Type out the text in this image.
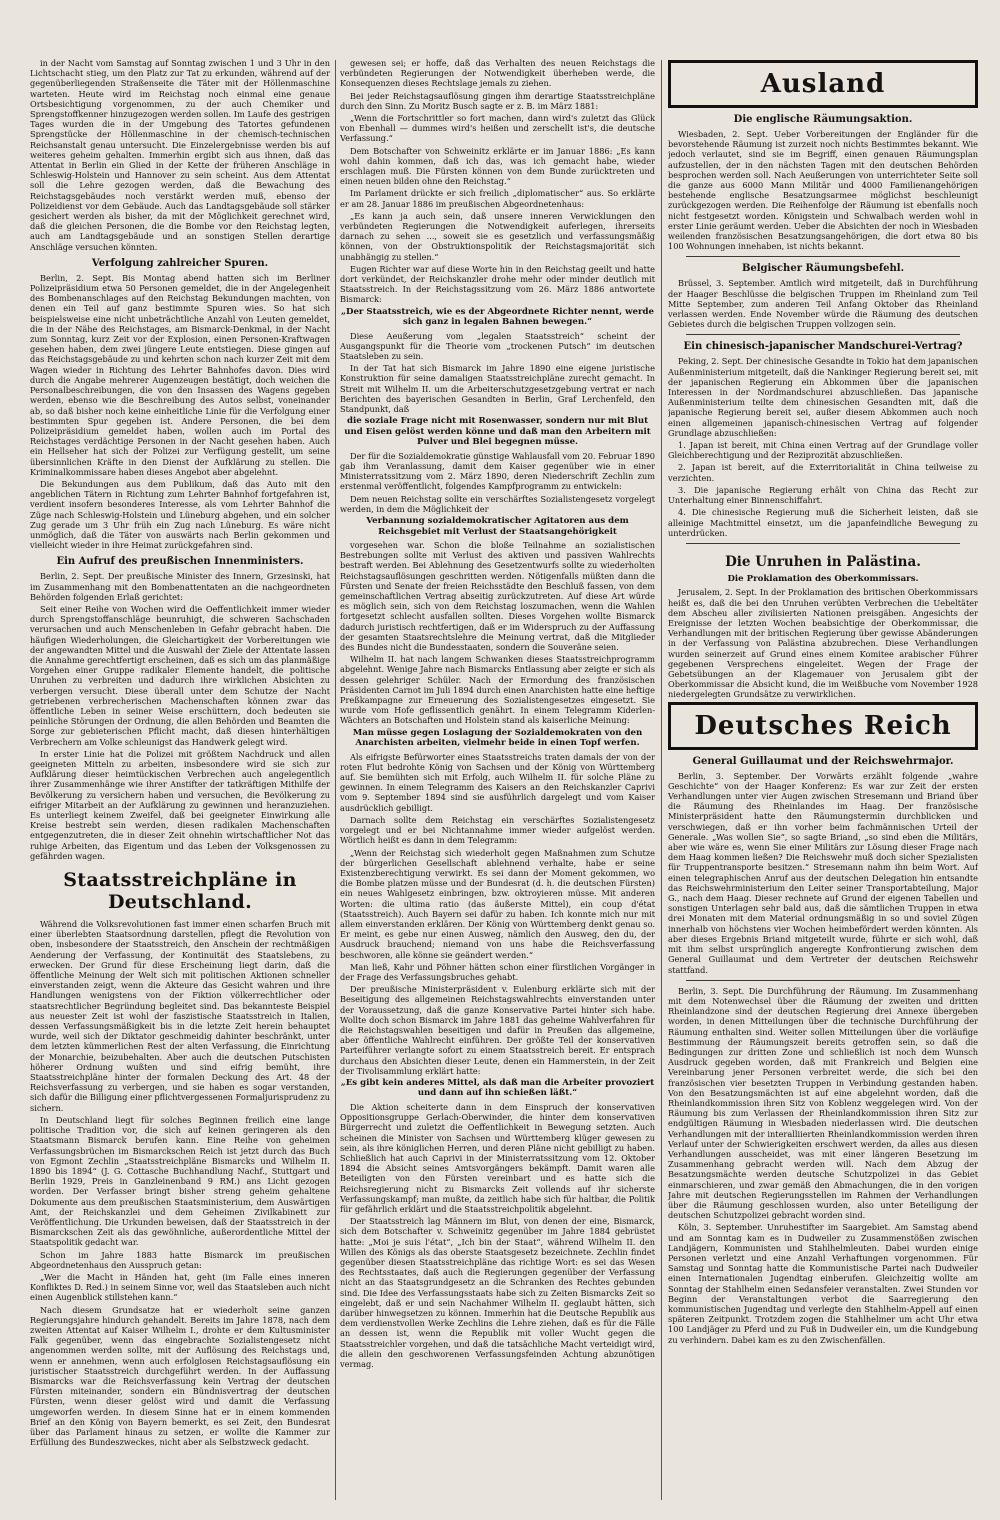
in der Nacht vom Samstag auf Sonntag zwischen 1 und 3 Uhr in den Lichtschacht stieg, um den Platz zur Tat zu erkunden, während auf der gegenüberliegenden Straßenseite die Täter mit der Höllenmaschine warteten. Heute wird im Reichstag noch einmal eine genaue Ortsbesichtigung vorgenommen, zu der auch Chemiker und Sprengstoffkenner hinzugezogen werden sollen. Im Laufe des gestrigen Tages wurden die in der Umgebung des Tatortes gefundenen Sprengstücke der Höllenmaschine in der chemisch-technischen Reichsanstalt genau untersucht. Die Einzelergebnisse werden bis auf weiteres geheim gehalten. Immerhin ergibt sich aus ihnen, daß das Attentat in Berlin ein Glied in der Kette der früheren Anschläge in Schleswig-Holstein und Hannover zu sein scheint. Aus dem Attentat soll die Lehre gezogen werden, daß die Bewachung des Reichstagsgebäudes noch verstärkt werden muß, ebenso der Polizeidienst vor dem Gebäude. Auch das Landtagsgebäude soll stärker gesichert werden als bisher, da mit der Möglichkeit gerechnet wird, daß die gleichen Personen, die die Bombe vor den Reichstag legten, auch am Landtagsgebäude und an sonstigen Stellen derartige Anschläge versuchen könnten.

Verfolgung zahlreicher Spuren.

Berlin, 2. Sept. Bis Montag abend hatten sich im Berliner Polizeipräsidium etwa 50 Personen gemeldet, die in der Angelegenheit des Bombenanschlages auf den Reichstag Bekundungen machten, von denen ein Teil auf ganz bestimmte Spuren wies. So hat sich beispielsweise eine nicht unbeträchtliche Anzahl von Leuten gemeldet, die in der Nähe des Reichstages, am Bismarck-Denkmal, in der Nacht zum Sonntag, kurz Zeit vor der Explosion, einen Personen-Kraftwagen gesehen haben, dem zwei jüngere Leute entstiegen. Diese gingen auf das Reichstagsgebäude zu und kehrten schon nach kurzer Zeit mit dem Wagen wieder in Richtung des Lehrter Bahnhofes davon. Dies wird durch die Angabe mehrerer Augenzeugen bestätigt, doch weichen die Personalbeschreibungen, die von den Insassen des Wagens gegeben werden, ebenso wie die Beschreibung des Autos selbst, voneinander ab, so daß bisher noch keine einheitliche Linie für die Verfolgung einer bestimmten Spur gegeben ist. Andere Personen, die bei dem Polizeipräsidium gemeldet haben, wollen auch im Portal des Reichstages verdächtige Personen in der Nacht gesehen haben. Auch ein Hellseher hat sich der Polizei zur Verfügung gestellt, um seine übersinnlichen Kräfte in den Dienst der Aufklärung zu stellen. Die Kriminalkommissare haben dieses Angebot aber abgelehnt.

Die Bekundungen aus dem Publikum, daß das Auto mit den angeblichen Tätern in Richtung zum Lehrter Bahnhof fortgefahren ist, verdient insofern besonderes Interesse, als vom Lehrter Bahnhof die Züge nach Schleswig-Holstein und Lüneburg abgehen, und ein solcher Zug gerade um 3 Uhr früh ein Zug nach Lüneburg. Es wäre nicht unmöglich, daß die Täter von auswärts nach Berlin gekommen und vielleicht wieder in ihre Heimat zurückgefahren sind.

Ein Aufruf des preußischen Innenministers.

Berlin, 2. Sept. Der preußische Minister des Innern, Grzesinski, hat im Zusammenhang mit den Bombenattentaten an die nachgeordneten Behörden folgenden Erlaß gerichtet:

Seit einer Reihe von Wochen wird die Oeffentlichkeit immer wieder durch Sprengstoffanschläge beunruhigt, die schweren Sachschaden verursachen und auch Menschenleben in Gefahr gebracht haben. Die häufigen Wiederholungen, die Gleichartigkeit der Vorbereitungen wie der angewandten Mittel und die Auswahl der Ziele der Attentate lassen die Annahme gerechtfertigt erscheinen, daß es sich um das planmäßige Vorgehen einer Gruppe radikaler Elemente handelt, die politische Unruhen zu verbreiten und dadurch ihre wirklichen Absichten zu verbergen versucht. Diese überall unter dem Schutze der Nacht getriebenen verbrecherischen Machenschaften können zwar das öffentliche Leben in seiner Weise erschüttern, doch bedeuten sie peinliche Störungen der Ordnung, die allen Behörden und Beamten die Sorge zur gebieterischen Pflicht macht, daß diesen hinterhältigen Verbrechern am Volke schleunigst das Handwerk gelegt wird.

In erster Linie hat die Polizei mit größtem Nachdruck und allen geeigneten Mitteln zu arbeiten, insbesondere wird sie sich zur Aufklärung dieser heimtückischen Verbrechen auch angelegentlich ihrer Zusammenhänge wie ihrer Anstifter der tatkräftigen Mithilfe der Bevölkerung zu versichern haben und versuchen, die Bevölkerung zu eifriger Mitarbeit an der Aufklärung zu gewinnen und heranzuziehen. Es unterliegt keinem Zweifel, daß bei geeigneter Einwirkung alle Kreise bestrebt sein werden, diesen radikalen Machenschaften entgegenzutreten, die in dieser Zeit ohnehin wirtschaftlicher Not das ruhige Arbeiten, das Eigentum und das Leben der Volksgenossen zu gefährden wagen.

Staatsstreichpläne in Deutschland.

Während die Volksrevolutionen fast immer einen scharfen Bruch mit einer überlebten Staatsordnung darstellen, pflegt die Revolution von oben, insbesondere der Staatsstreich, den Anschein der rechtmäßigen Aenderung der Verfassung, der Kontinuität des Staatslebens, zu erwecken. Der Grund für diese Erscheinung liegt darin, daß die öffentliche Meinung der Welt sich mit politischen Aktionen schneller einverstanden zeigt, wenn die Akteure das Gesicht wahren und ihre Handlungen wenigstens von der Fiktion völkerrechtlicher oder staatsrechtlicher Begründung begleitet sind. Das bekannteste Beispiel aus neuester Zeit ist wohl der faszistische Staatsstreich in Italien, dessen Verfassungsmäßigkeit bis in die letzte Zeit herein behauptet wurde, weil sich der Diktator geschmeidig dahinter beschränkt, unter dem letzten kümmerlichen Rest der alten Verfassung, die Einrichtung der Monarchie, beizubehalten. Aber auch die deutschen Putschisten höherer Ordnung wußten und sind eifrig bemüht, ihre Staatsstreichpläne hinter der formalen Deckung des Art. 48 der Reichsverfassung zu verbergen, und sie haben es sogar verstanden, sich dafür die Billigung einer pflichtvergessenen Formaljurisprudenz zu sichern.

In Deutschland liegt für solches Beginnen freilich eine lange politische Tradition vor, die sich auf keinen geringeren als den Staatsmann Bismarck berufen kann. Eine Reihe von geheimen Verfassungsbrüchen im Bismarckschen Reich ist jetzt durch das Buch von Egmont Zechlin „Staatsstreichpläne Bismarcks und Wilhelm II. 1890 bis 1894“ (J. G. Cottasche Buchhandlung Nachf., Stuttgart und Berlin 1929, Preis in Ganzleinenband 9 RM.) ans Licht gezogen worden. Der Verfasser bringt bisher streng geheim gehaltene Dokumente aus dem preußischen Staatsministerium, dem Auswärtigen Amt, der Reichskanzlei und dem Geheimen Zivilkabinett zur Veröffentlichung. Die Urkunden beweisen, daß der Staatsstreich in der Bismarckschen Zeit als das gewöhnliche, außerordentliche Mittel der Staatspolitik gedacht war.

Schon im Jahre 1883 hatte Bismarck im preußischen Abgeordnetenhaus den Ausspruch getan:

„Wer die Macht in Händen hat, geht (im Falle eines inneren Konfliktes D. Red.) in seinem Sinne vor, weil das Staatsleben auch nicht einen Augenblick stillstehen kann.“

Nach diesem Grundsatze hat er wiederholt seine ganzen Regierungsjahre hindurch gehandelt. Bereits im Jahre 1878, nach dem zweiten Attentat auf Kaiser Wilhelm I., drohte er dem Kultusminister Falk gegenüber, wenn das eingebrachte Sozialistengesetz nicht angenommen werden sollte, mit der Auflösung des Reichstags und, wenn er annehmen, wenn auch erfolglosen Reichstagsauflösung ein juristischer Staatsstreich durchgeführt werden. In der Auffassung Bismarcks war die Reichsverfassung kein Vertrag der deutschen Fürsten miteinander, sondern ein Bündnisvertrag der deutschen Fürsten, wenn dieser gelöst wird und damit die Verfassung umgeworfen werden. In diesem Sinne hat er in einem kommenden Brief an den König von Bayern bemerkt, es sei Zeit, den Bundesrat über das Parlament hinaus zu setzen, er wollte die Kammer zur Erfüllung des Bundeszweckes, nicht aber als Selbstzweck gedacht.

gewesen sei; er hoffe, daß das Verhalten des neuen Reichstags die verbündeten Regierungen der Notwendigkeit überheben werde, die Konsequenzen dieses Rechtslage jemals zu ziehen.

Bei jeder Reichstagsauflösung gingen ihm derartige Staatsstreichpläne durch den Sinn. Zu Moritz Busch sagte er z. B. im März 1881:

„Wenn die Fortschrittler so fort machen, dann wird's zuletzt das Glück von Ebenhall — dummes wird's heißen und zerschellt ist's, die deutsche Verfassung.“

Dem Botschafter von Schweinitz erklärte er im Januar 1886: „Es kann wohl dahin kommen, daß ich das, was ich gemacht habe, wieder erschlagen muß. Die Fürsten können von dem Bunde zurücktreten und einen neuen bilden ohne den Reichstag.“

Im Parlament drückte er sich freilich „diplomatischer“ aus. So erklärte er am 28. Januar 1886 im preußischen Abgeordnetenhaus:

„Es kann ja auch sein, daß unsere inneren Verwicklungen den verbündeten Regierungen die Notwendigkeit auferlegen, ihrerseits darnach zu sehen ..., soweit sie es gesetzlich und verfassungsmäßig können, von der Obstruktionspolitik der Reichstagsmajorität sich unabhängig zu stellen.“

Eugen Richter war auf diese Worte hin in den Reichstag geeilt und hatte dort verkündet, der Reichskanzler drohe mehr oder minder deutlich mit Staatsstreich. In der Reichstagssitzung vom 26. März 1886 antwortete Bismarck:

„Der Staatsstreich, wie es der Abgeordnete Richter nennt, werde sich ganz in legalen Bahnen bewegen.“

Diese Aeußerung vom „legalen Staatsstreich“ scheint der Ausgangspunkt für die Theorie vom „trockenen Putsch“ im deutschen Staatsleben zu sein.

In der Tat hat sich Bismarck im Jahre 1890 eine eigene juristische Konstruktion für seine damaligen Staatsstreichpläne zurecht gemacht. In Streit mit Wilhelm II. um die Arbeiterschutzgesetzgebung vertrat er nach Berichten des bayerischen Gesandten in Berlin, Graf Lerchenfeld, den Standpunkt, daß

die soziale Frage nicht mit Rosenwasser, sondern nur mit Blut und Eisen gelöst werden könne und daß man den Arbeitern mit Pulver und Blei begegnen müsse.

Der für die Sozialdemokratie günstige Wahlausfall vom 20. Februar 1890 gab ihm Veranlassung, damit dem Kaiser gegenüber wie in einer Ministerratssitzung vom 2. März 1890, deren Niederschrift Zechlin zum erstenmal veröffentlicht, folgendes Kampfprogramm zu entwickeln:

Dem neuen Reichstag sollte ein verschärftes Sozialistengesetz vorgelegt werden, in dem die Möglichkeit der

Verbannung sozialdemokratischer Agitatoren aus dem Reichsgebiet mit Verlust der Staatsangehörigkeit

vorgesehen war. Schon die bloße Teilnahme an sozialistischen Bestrebungen sollte mit Verlust des aktiven und passiven Wahlrechts bestraft werden. Bei Ablehnung des Gesetzentwurfs sollte zu wiederholten Reichstagsauflösungen geschritten werden. Nötigenfalls müßten dann die Fürsten und Senate der freien Reichsstädte den Beschluß fassen, von dem gemeinschaftlichen Vertrag abseitig zurückzutreten. Auf diese Art würde es möglich sein, sich von dem Reichstag loszumachen, wenn die Wahlen fortgesetzt schlecht ausfallen sollten. Dieses Vorgehen wollte Bismarck dadurch juristisch rechtfertigen, daß er im Widerspruch zu der Auffassung der gesamten Staatsrechtslehre die Meinung vertrat, daß die Mitglieder des Bundes nicht die Bundesstaaten, sondern die Souveräne seien.

Wilhelm II. hat nach langem Schwanken dieses Staatsstreichprogramm abgelehnt. Wenige Jahre nach Bismarcks Entlassung aber zeigte er sich als dessen gelehriger Schüler. Nach der Ermordung des französischen Präsidenten Carnot im Juli 1894 durch einen Anarchisten hatte eine heftige Preßkampagne zur Erneuerung des Sozialistengesetzes eingesetzt. Sie wurde vom Hofe geflissentlich genährt. In einem Telegramm Kiderlen-Wächters an Botschaften und Holstein stand als kaiserliche Meinung:

Man müsse gegen Loslagung der Sozialdemokraten von den Anarchisten arbeiten, vielmehr beide in einen Topf werfen.

Als eifrigste Befürworter eines Staatsstreichs traten damals der von der roten Flut bedrohte König von Sachsen und der König von Württemberg auf. Sie bemühten sich mit Erfolg, auch Wilhelm II. für solche Pläne zu gewinnen. In einem Telegramm des Kaisers an den Reichskanzler Caprivi vom 9. September 1894 sind sie ausführlich dargelegt und vom Kaiser ausdrücklich gebilligt.

Darnach sollte dem Reichstag ein verschärftes Sozialistengesetz vorgelegt und er bei Nichtannahme immer wieder aufgelöst werden. Wörtlich heißt es dann in dem Telegramm:

„Wenn der Reichstag sich wiederholt gegen Maßnahmen zum Schutze der bürgerlichen Gesellschaft ablehnend verhalte, habe er seine Existenzberechtigung verwirkt. Es sei dann der Moment gekommen, wo die Bombe platzen müsse und der Bundesrat (d. h. die deutschen Fürsten) ein neues Wahlgesetz einbringen, bzw. oktroyieren müsse. Mit anderen Worten: die ultima ratio (das äußerste Mittel), ein coup d'état (Staatsstreich). Auch Bayern sei dafür zu haben. Ich konnte mich nur mit allem einverstanden erklären. Der König von Württemberg denkt genau so. Er meint, es gebe nur einen Ausweg, nämlich den Ausweg, den du, der Ausdruck brauchend; niemand von uns habe die Reichsverfassung beschworen, alle könne sie geändert werden.“

Man ließ, Kahr und Pöhner hätten schon einer fürstlichen Vorgänger in der Frage des Verfassungsbruches gehabt.

Der preußische Ministerpräsident v. Eulenburg erklärte sich mit der Beseitigung des allgemeinen Reichstagswahlrechts einverstanden unter der Voraussetzung, daß die ganze Konservative Partei hinter sich habe. Wollte doch schon Bismarck im Jahre 1881 das geheime Wahlverfahren für die Reichstagswahlen beseitigen und dafür in Preußen das allgemeine, aber öffentliche Wahlrecht einführen. Der größte Teil der konservativen Parteiführer verlangte sofort zu einem Staatsstreich bereit. Er entsprach durchaus den Absichten dieser Leute, denen ein Hammerstein, in der Zeit der Tivolisammlung erklärt hatte:

„Es gibt kein anderes Mittel, als daß man die Arbeiter provoziert und dann auf ihn schießen läßt.“

Die Aktion scheiterte dann in dem Einspruch der konservativen Oppositionsgruppe Gerlach-Oberwinder, die hinter dem konservativen Bürgerrecht und zuletzt die Oeffentlichkeit in Bewegung setzten. Auch scheinen die Minister von Sachsen und Württemberg klüger gewesen zu sein, als ihre königlichen Herren, und deren Pläne nicht gebilligt zu haben. Schließlich hat auch Caprivi in der Ministerratssitzung vom 12. Oktober 1894 die Absicht seines Amtsvorgängers bekämpft. Damit waren alle Beteiligten von den Fürsten vereinbart und es hatte sich die Reichsregierung nicht zu Bismarcks Zeit vollends auf ihr sicherste Verfassungskampf; man mußte, da zeitlich habe sich für haltbar, die Politik für gefährlich erklärt und die Staatsstreichpolitik abgelehnt.

Der Staatsstreich lag Männern im Blut, von denen der eine, Bismarck, sich dem Botschafter v. Schweinitz gegenüber im Jahre 1884 gebrüstet hatte: „Moi je suis l'état“, „Ich bin der Staat“, während Wilhelm II. den Willen des Königs als das oberste Staatsgesetz bezeichnete. Zechlin findet gegenüber diesen Staatsstreichpläne das richtige Wort: es sei das Wesen des Rechtsstaates, daß auch die Regierungen gegenüber der Verfassung nicht an das Staatsgrundgesetz an die Schranken des Rechtes gebunden sind. Die Idee des Verfassungsstaats habe sich zu Zeiten Bismarcks Zeit so eingelebt, daß er und sein Nachahmer Wilhelm II. geglaubt hätten, sich darüber hinwegsetzen zu können. Immerhin hat die Deutsche Republik aus dem verdienstvollen Werke Zechlins die Lehre ziehen, daß es für die Fälle an dessen ist, wenn die Republik mit voller Wucht gegen die Staatsstreichler vorgehen, und daß die tatsächliche Macht verteidigt wird, die allein den geschworenen Verfassungsfeinden Achtung abzunötigen vermag.

Ausland
Die englische Räumungsaktion.

Wiesbaden, 2. Sept. Ueber Vorbereitungen der Engländer für die bevorstehende Räumung ist zurzeit noch nichts Bestimmtes bekannt. Wie jedoch verlautet, sind sie im Begriff, einen genauen Räumungsplan aufzustellen, der in den nächsten Tagen mit den deutschen Behörden besprochen werden soll. Nach Aeußerungen von unterrichteter Seite soll die ganze aus 6000 Mann Militär und 4000 Familienangehörigen bestehende englische Besatzungsarmee möglichst beschleunigt zurückgezogen werden. Die Reihenfolge der Räumung ist ebenfalls noch nicht festgesetzt worden. Königstein und Schwalbach werden wohl in erster Linie geräumt werden. Ueber die Absichten der noch in Wiesbaden weilenden französischen Besatzungsangehörigen, die dort etwa 80 bis 100 Wohnungen innehaben, ist nichts bekannt.

Belgischer Räumungsbefehl.

Brüssel, 3. September. Amtlich wird mitgeteilt, daß in Durchführung der Haager Beschlüsse die belgischen Truppen im Rheinland zum Teil Mitte September, zum anderen Teil Anfang Oktober das Rheinland verlassen werden. Ende November würde die Räumung des deutschen Gebietes durch die belgischen Truppen vollzogen sein.

Ein chinesisch-japanischer Mandschurei-Vertrag?

Peking, 2. Sept. Der chinesische Gesandte in Tokio hat dem japanischen Außenministerium mitgeteilt, daß die Nankinger Regierung bereit sei, mit der japanischen Regierung ein Abkommen über die japanischen Interessen in der Nordmandschurei abzuschließen. Das japanische Außenministerium teilte dem chinesischen Gesandten mit, daß die japanische Regierung bereit sei, außer diesem Abkommen auch noch einen allgemeinen japanisch-chinesischen Vertrag auf folgender Grundlage abzuschließen:

1. Japan ist bereit, mit China einen Vertrag auf der Grundlage voller Gleichberechtigung und der Reziprozität abzuschließen.

2. Japan ist bereit, auf die Exterritorialität in China teilweise zu verzichten.

3. Die japanische Regierung erhält von China das Recht zur Unterhaltung einer Binnenschiffahrt.

4. Die chinesische Regierung muß die Sicherheit leisten, daß sie alleinige Machtmittel einsetzt, um die japanfeindliche Bewegung zu unterdrücken.

Die Unruhen in Palästina.
Die Proklamation des Oberkommissars.

Jerusalem, 2. Sept. In der Proklamation des britischen Oberkommissars heißt es, daß die bei den Unruhen verübten Verbrechen die Uebeltäter dem Abscheu aller zivilisierten Nationen preisgäben. Angesichts der Ereignisse der letzten Wochen beabsichtige der Oberkommissar, die Verhandlungen mit der britischen Regierung über gewisse Abänderungen in der Verfassung von Palästina abzubrechen. Diese Verhandlungen wurden seinerzeit auf Grund eines einem Komitee arabischer Führer gegebenen Versprechens eingeleitet. Wegen der Frage der Gebetsübungen an der Klagemauer von Jerusalem gibt der Oberkommissar die Absicht kund, die im Weißbuche vom November 1928 niedergelegten Grundsätze zu verwirklichen.

Deutsches Reich
General Guillaumat und der Reichswehrmajor.

Berlin, 3. September. Der Vorwärts erzählt folgende „wahre Geschichte“ von der Haager Konferenz: Es war zur Zeit der ersten Verhandlungen unter vier Augen zwischen Stresemann und Briand über die Räumung des Rheinlandes im Haag. Der französische Ministerpräsident hatte den Räumungstermin durchblicken und verschwiegen, daß er ihn vorher beim fachmännischen Urteil der Generale. „Was wollen Sie“, so sagte Briand, „so sind eben die Militärs, aber wie wäre es, wenn Sie einer Militärs zur Lösung dieser Frage nach dem Haag kommen ließen? Die Reichswehr muß doch sicher Spezialisten für Truppentransporte besitzen.“ Stresemann nahm ihn beim Wort. Auf einen telegraphischen Anruf aus der deutschen Delegation hin entsandte das Reichswehrministerium den Leiter seiner Transportabteilung, Major G., nach dem Haag. Dieser rechnete auf Grund der eigenen Tabellen und sonstigen Unterlagen sehr bald aus, daß die sämtlichen Truppen in etwa drei Monaten mit dem Material ordnungsmäßig in so und soviel Zügen innerhalb von höchstens vier Wochen heimbefördert werden könnten. Als aber dieses Ergebnis Briand mitgeteilt wurde, führte er sich wohl, daß mit ihm selbst ursprünglich angeregte Konfrontierung zwischen dem General Guillaumat und dem Vertreter der deutschen Reichswehr stattfand.

Berlin, 3. Sept. Die Durchführung der Räumung. Im Zusammenhang mit dem Notenwechsel über die Räumung der zweiten und dritten Rheinlandzone sind der deutschen Regierung drei Annexe übergeben worden, in denen Mitteilungen über die technische Durchführung der Räumung enthalten sind. Weiter sollen Mitteilungen über die vorläufige Bestimmung der Räumungszeit bereits getroffen sein, so daß die Bedingungen zur dritten Zone und schließlich ist noch dem Wunsch Ausdruck gegeben worden, daß mit Frankreich und Belgien eine Vereinbarung jener Personen verbreitet werde, die sich bei den französischen vier besetzten Truppen in Verbindung gestanden haben. Von den Besatzungsmächten ist auf eine abgelehnt worden, daß die Rheinlandkommission ihren Sitz von Koblenz weggelegen wird. Von der Räumung bis zum Verlassen der Rheinlandkommission ihren Sitz zur endgültigen Räumung in Wiesbaden niederlassen wird. Die deutschen Verhandlungen mit der interalliierten Rheinlandkommission werden ihren Verlauf unter der Schwierigkeiten erschwert werden, da alles aus diesen Verhandlungen ausscheidet, was mit einer längeren Besetzung im Zusammenhang gebracht werden will. Nach dem Abzug der Besatzungsmächte werden deutsche Schutzpolizei in das Gebiet einmarschieren, und zwar gemäß den Abmachungen, die in den vorigen Jahre mit deutschen Regierungsstellen im Rahmen der Verhandlungen über die Räumung geschlossen wurden, also unter Beteiligung der deutschen Schutzpolizei gebracht worden sind.

Köln, 3. September. Unruhestifter im Saargebiet. Am Samstag abend und am Sonntag kam es in Dudweiler zu Zusammenstößen zwischen Landjägern, Kommunisten und Stahlhelmleuten. Dabei wurden einige Personen verletzt und eine Anzahl Verhaftungen vorgenommen. Für Samstag und Sonntag hatte die Kommunistische Partei nach Dudweiler einen Internationalen Jugendtag einberufen. Gleichzeitig wollte am Sonntag der Stahlhelm einen Sedansfeier veranstalten. Zwei Stunden vor Beginn der Veranstaltungen verbot die Saarregierung den kommunistischen Jugendtag und verlegte den Stahlhelm-Appell auf einen späteren Zeitpunkt. Trotzdem zogen die Stahlhelmer um acht Uhr etwa 100 Landjäger zu Pferd und zu Fuß in Dudweiler ein, um die Kundgebung zu verhindern. Dabei kam es zu den Zwischenfällen.
